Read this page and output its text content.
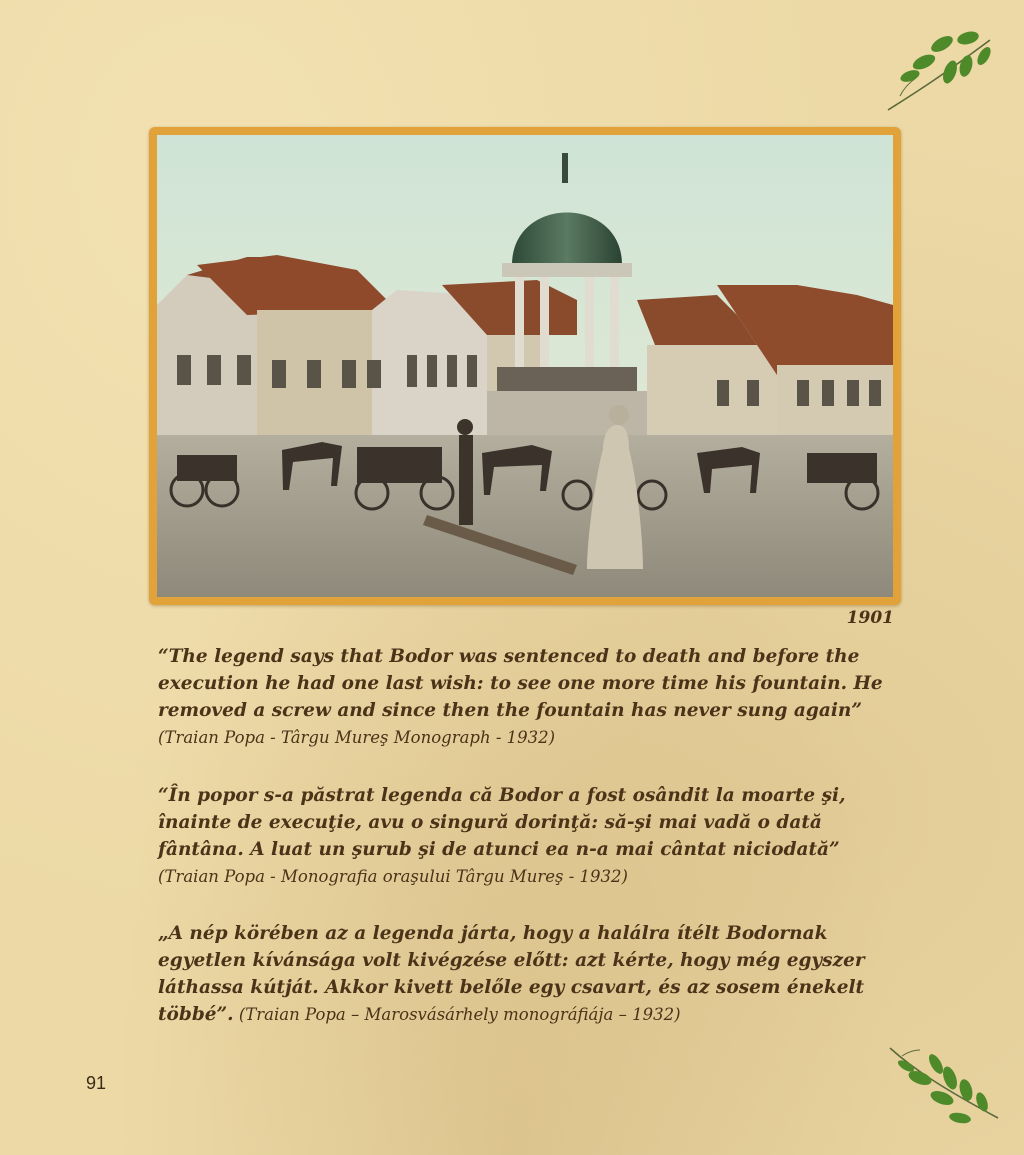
1901
“The legend says that Bodor was sentenced to death and before the
execution he had one last wish: to see one more time his fountain. He
removed a screw and since then the fountain has never sung again”
(Traian Popa - Târgu Mureş Monograph - 1932)
“În popor s-a păstrat legenda că Bodor a fost osândit la moarte şi,
înainte de execuţie, avu o singură dorinţă: să-şi mai vadă o dată
fântâna. A luat un şurub şi de atunci ea n-a mai cântat niciodată”
(Traian Popa - Monografia oraşului Târgu Mureş - 1932)
„A nép körében az a legenda járta, hogy a halálra ítélt Bodornak
egyetlen kívánsága volt kivégzése előtt: azt kérte, hogy még egyszer
láthassa kútját. Akkor kivett belőle egy csavart, és az sosem énekelt
többé”. (Traian Popa – Marosvásárhely monográfiája – 1932)
91
